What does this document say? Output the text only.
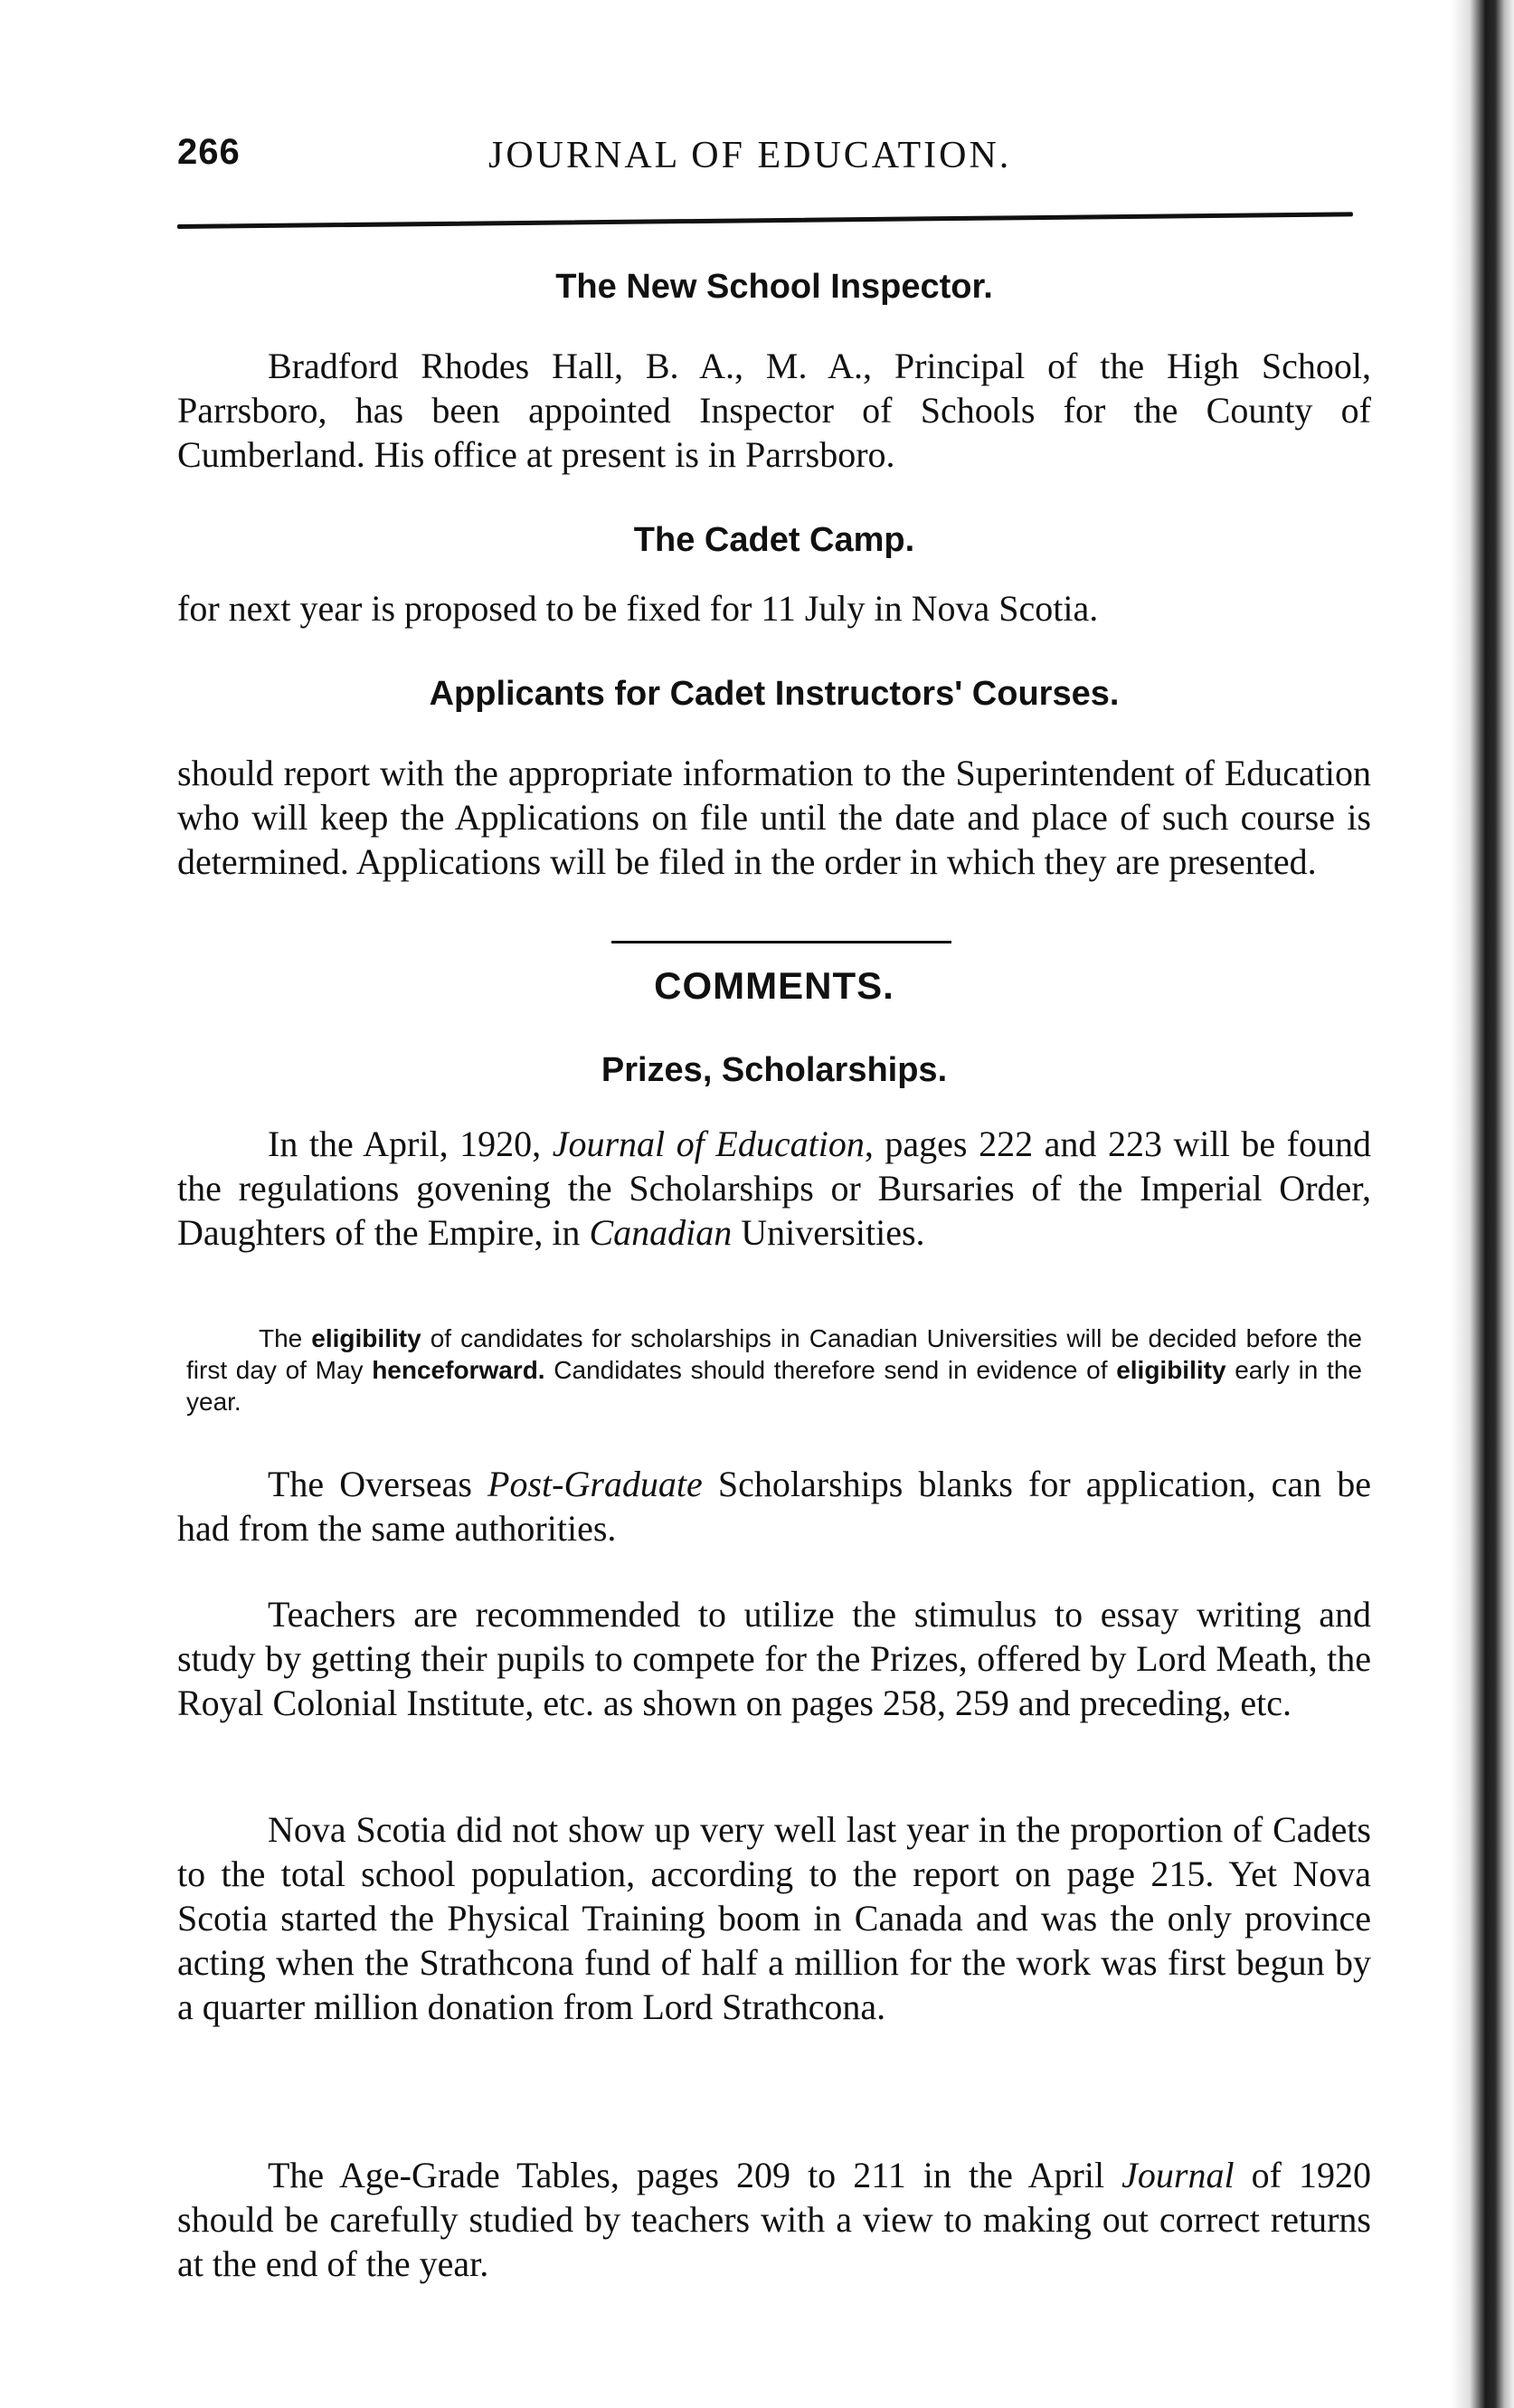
266	JOURNAL OF EDUCATION.
The New School Inspector.
Bradford Rhodes Hall, B. A., M. A., Principal of the High School, Parrsboro, has been appointed Inspector of Schools for the County of Cumberland. His office at present is in Parrsboro.
The Cadet Camp.
for next year is proposed to be fixed for 11 July in Nova Scotia.
Applicants for Cadet Instructors' Courses.
should report with the appropriate information to the Superintendent of Education who will keep the Applications on file until the date and place of such course is determined. Applications will be filed in the order in which they are presented.
COMMENTS.
Prizes, Scholarships.
In the April, 1920, Journal of Education, pages 222 and 223 will be found the regulations govening the Scholarships or Bursaries of the Imperial Order, Daughters of the Empire, in Canadian Universities.
The eligibility of candidates for scholarships in Canadian Universities will be decided before the first day of May henceforward. Candidates should therefore send in evidence of eligibility early in the year.
The Overseas Post-Graduate Scholarships blanks for application, can be had from the same authorities.
Teachers are recommended to utilize the stimulus to essay writing and study by getting their pupils to compete for the Prizes, offered by Lord Meath, the Royal Colonial Institute, etc. as shown on pages 258, 259 and preceding, etc.
Nova Scotia did not show up very well last year in the proportion of Cadets to the total school population, according to the report on page 215. Yet Nova Scotia started the Physical Training boom in Canada and was the only province acting when the Strathcona fund of half a million for the work was first begun by a quarter million donation from Lord Strathcona.
The Age-Grade Tables, pages 209 to 211 in the April Journal of 1920 should be carefully studied by teachers with a view to making out correct returns at the end of the year.
